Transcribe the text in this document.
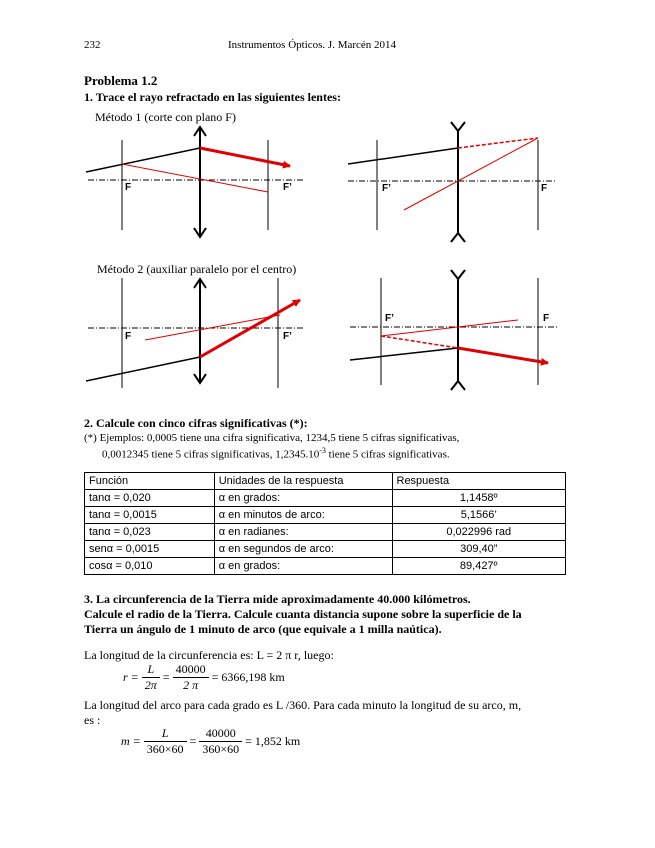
232	Instrumentos Ópticos. J. Marcén 2014
Problema 1.2
1. Trace el rayo refractado en las siguientes lentes:
Método 1 (corte con plano F)
Método 2 (auxiliar paralelo por el centro)
F	F’	F’	F
F	F’
F’	F
2. Calcule con cinco cifras significativas (*):
(*) Ejemplos: 0,0005 tiene una cifra significativa, 1234,5 tiene 5 cifras significativas,
0,0012345 tiene 5 cifras significativas, $1,2345.10^{-3}$ tiene 5 cifras significativas.
Función	Unidades de la respuesta	Respuesta
tanα = 0,020	α en grados:	1,1458º
tanα = 0,0015	α en minutos de arco:	5,1566’
tanα = 0,023	α en radianes:	0,022996 rad
senα = 0,0015	α en segundos de arco:	309,40”
cosα = 0,010	α en grados:	89,427º
3. La circunferencia de la Tierra mide aproximadamente 40.000 kilómetros.
Calcule el radio de la Tierra. Calcule cuanta distancia supone sobre la superficie de la
Tierra un ángulo de 1 minuto de arco (que equivale a 1 milla naútica).
La longitud de la circunferencia es: L = 2 π r, luego:
$r = \frac{L}{2\pi} = \frac{40000}{2 \pi} = 6366,198$ km
La longitud del arco para cada grado es L /360. Para cada minuto la longitud de su arco, m,
es :
$m = \frac{L}{360\times 60} = \frac{40000}{360\times 60} = 1,852$ km
